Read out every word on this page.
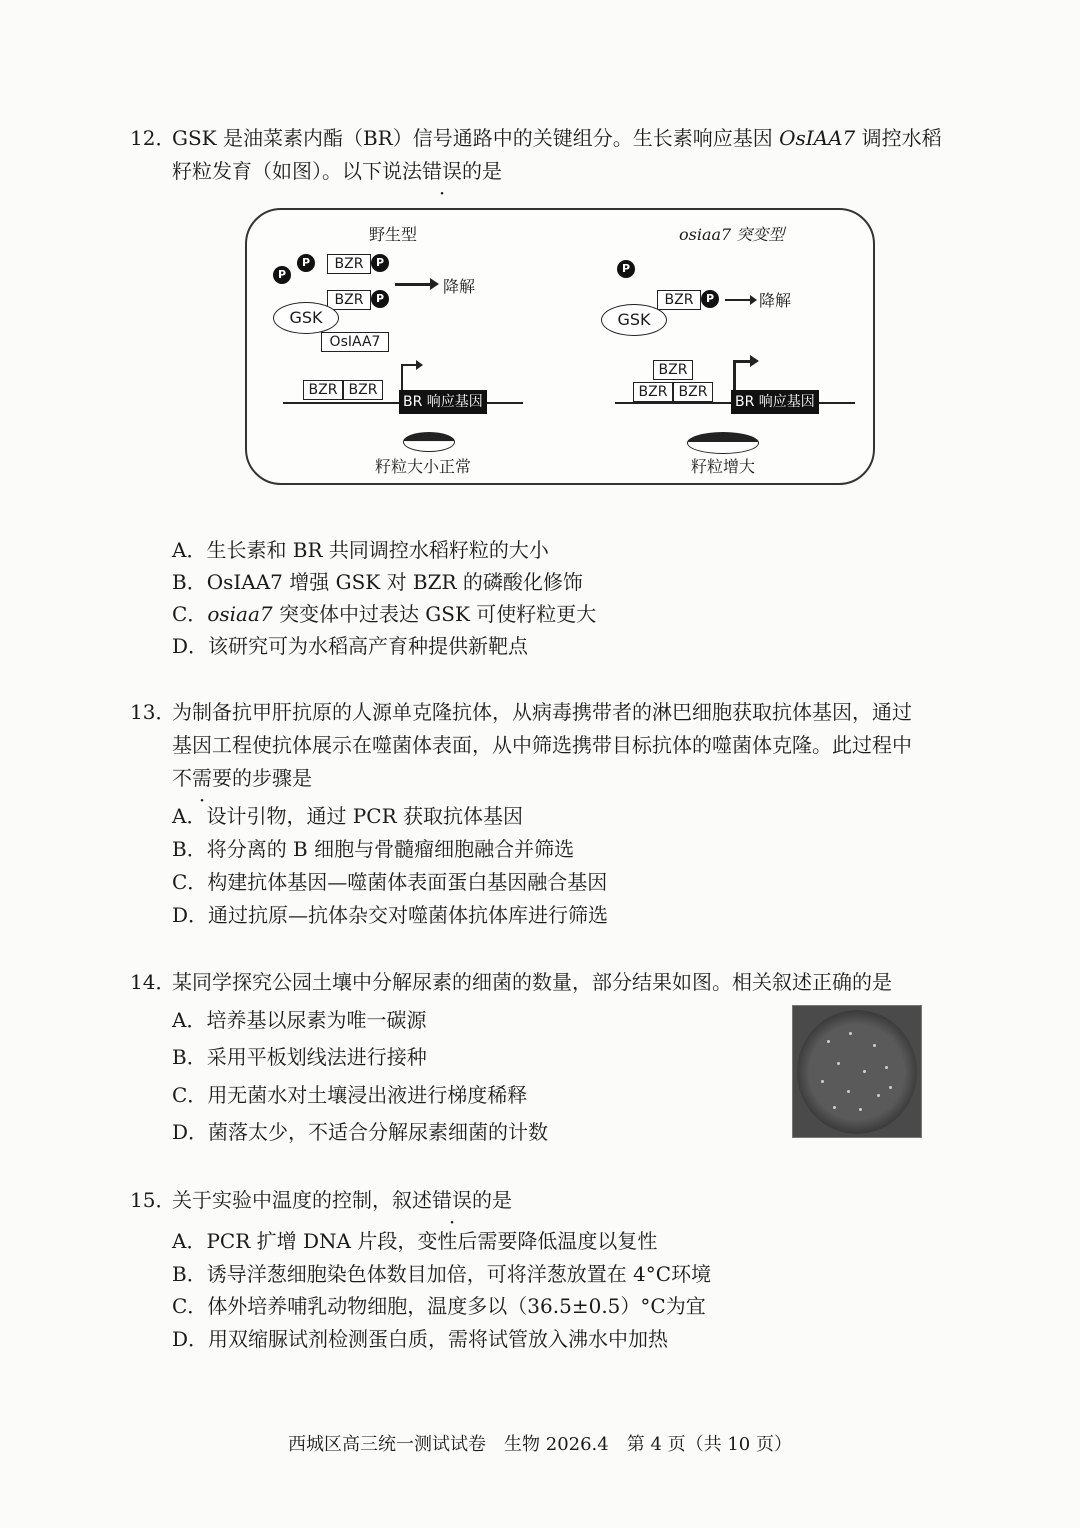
12．
GSK 是油菜素内酯（BR）信号通路中的关键组分。生长素响应基因 OsIAA7 调控水稻
籽粒发育（如图）。以下说法错误的是
野生型
P
P	BZR	P
BZR	P
降解
GSK
OsIAA7
BZR BZR
BR 响应基因
籽粒大小正常
osiaa7 突变型
P
BZR	P	降解
GSK
BZR
BZR BZR
BR 响应基因
籽粒增大
A．生长素和 BR 共同调控水稻籽粒的大小
B．OsIAA7 增强 GSK 对 BZR 的磷酸化修饰
C．osiaa7 突变体中过表达 GSK 可使籽粒更大
D．该研究可为水稻高产育种提供新靶点
13．
为制备抗甲肝抗原的人源单克隆抗体，从病毒携带者的淋巴细胞获取抗体基因，通过
基因工程使抗体展示在噬菌体表面，从中筛选携带目标抗体的噬菌体克隆。此过程中
不需要的步骤是
A．设计引物，通过 PCR 获取抗体基因
B．将分离的 B 细胞与骨髓瘤细胞融合并筛选
C．构建抗体基因—噬菌体表面蛋白基因融合基因
D．通过抗原—抗体杂交对噬菌体抗体库进行筛选
14．
某同学探究公园土壤中分解尿素的细菌的数量，部分结果如图。相关叙述正确的是
A．培养基以尿素为唯一碳源
B．采用平板划线法进行接种
C．用无菌水对土壤浸出液进行梯度稀释
D．菌落太少，不适合分解尿素细菌的计数
15．
关于实验中温度的控制，叙述错误的是
A．PCR 扩增 DNA 片段，变性后需要降低温度以复性
B．诱导洋葱细胞染色体数目加倍，可将洋葱放置在 4°C环境
C．体外培养哺乳动物细胞，温度多以（36.5±0.5）°C为宜
D．用双缩脲试剂检测蛋白质，需将试管放入沸水中加热
西城区高三统一测试试卷　生物 2026.4　第 4 页（共 10 页）
